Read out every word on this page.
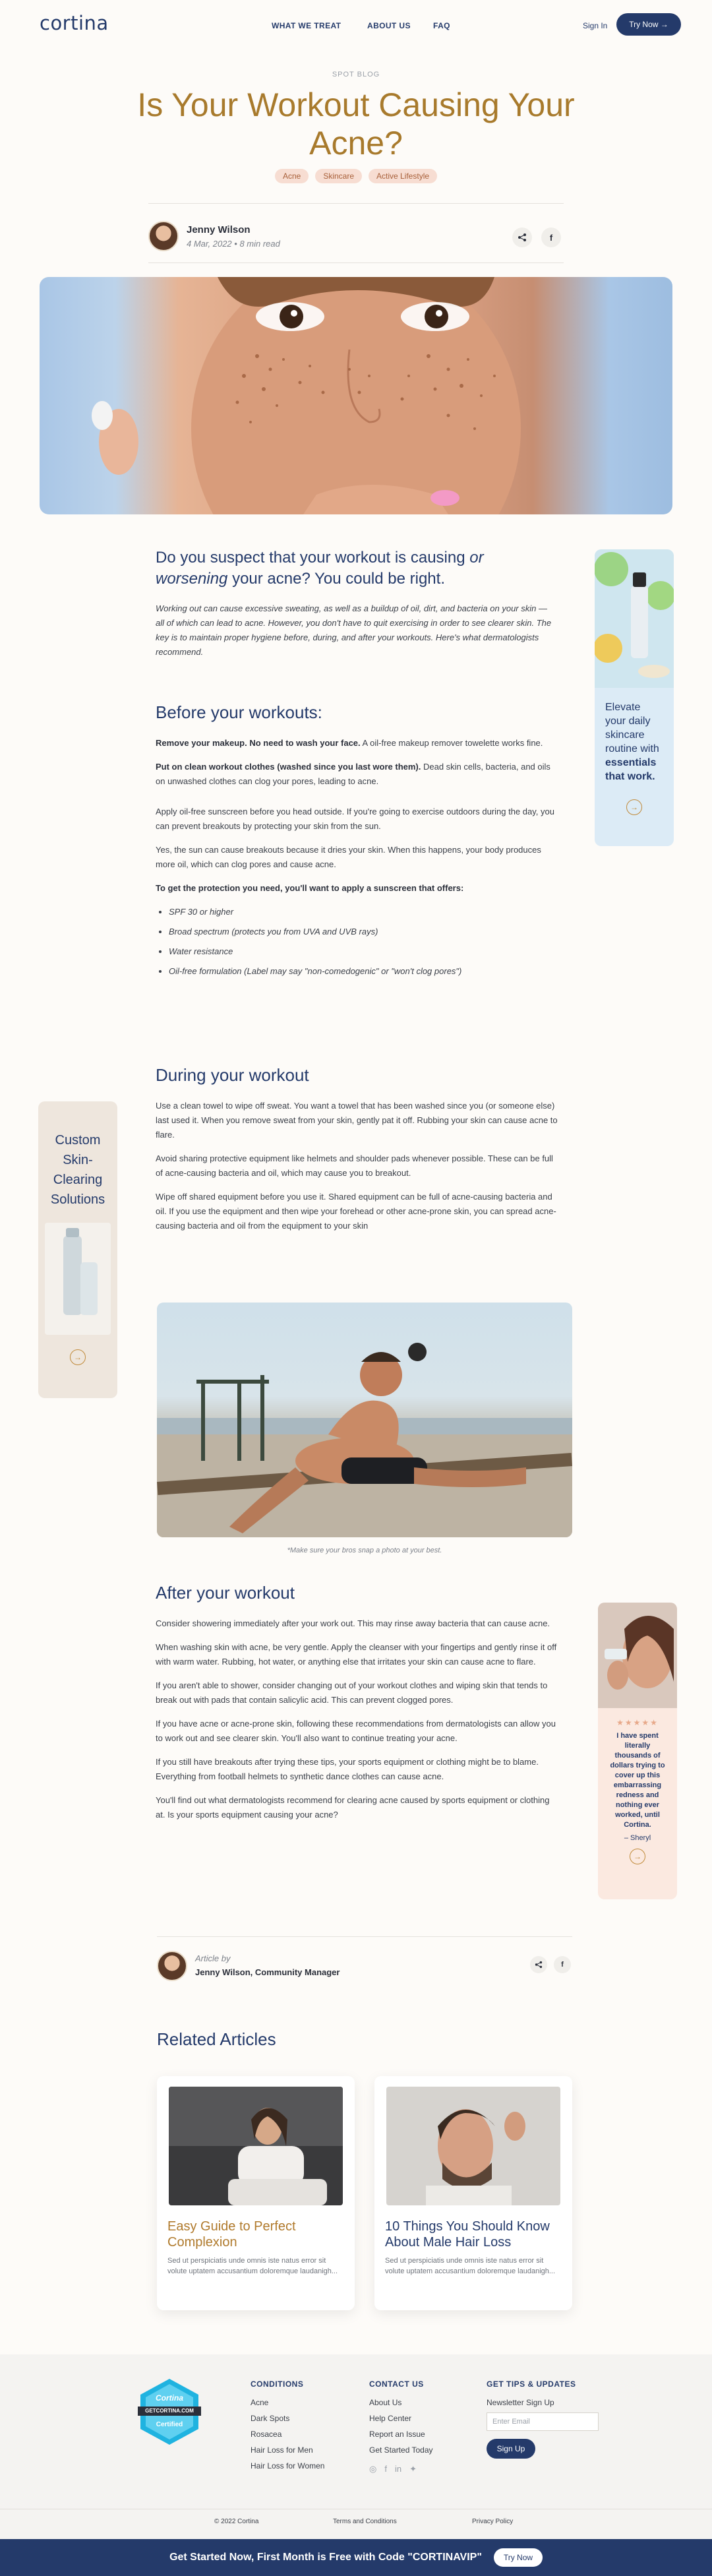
cortina	WHAT WE TREAT	ABOUT US	FAQ	Sign In	Try Now →
SPOT BLOG
Is Your Workout Causing Your Acne?
Acne	Skincare	Active Lifestyle
Jenny Wilson
4 Mar, 2022 • 8 min read
f
Do you suspect that your workout is causing or worsening your acne? You could be right.

Working out can cause excessive sweating, as well as a buildup of oil, dirt, and bacteria on your skin — all of which can lead to acne. However, you don't have to quit exercising in order to see clearer skin. The key is to maintain proper hygiene before, during, and after your workouts. Here's what dermatologists recommend.

Before your workouts:

Remove your makeup. No need to wash your face. A oil-free makeup remover towelette works fine.

Put on clean workout clothes (washed since you last wore them). Dead skin cells, bacteria, and oils on unwashed clothes can clog your pores, leading to acne.

Apply oil-free sunscreen before you head outside. If you're going to exercise outdoors during the day, you can prevent breakouts by protecting your skin from the sun.

Yes, the sun can cause breakouts because it dries your skin. When this happens, your body produces more oil, which can clog pores and cause acne.

To get the protection you need, you'll want to apply a sunscreen that offers:

• SPF 30 or higher
• Broad spectrum (protects you from UVA and UVB rays)
• Water resistance
• Oil-free formulation (Label may say "non-comedogenic" or "won't clog pores")
During your workout

Use a clean towel to wipe off sweat. You want a towel that has been washed since you (or someone else) last used it. When you remove sweat from your skin, gently pat it off. Rubbing your skin can cause acne to flare.

Avoid sharing protective equipment like helmets and shoulder pads whenever possible. These can be full of acne-causing bacteria and oil, which may cause you to breakout.

Wipe off shared equipment before you use it. Shared equipment can be full of acne-causing bacteria and oil. If you use the equipment and then wipe your forehead or other acne-prone skin, you can spread acne-causing bacteria and oil from the equipment to your skin

*Make sure your bros snap a photo at your best.
After your workout

Consider showering immediately after your work out. This may rinse away bacteria that can cause acne.

When washing skin with acne, be very gentle. Apply the cleanser with your fingertips and gently rinse it off with warm water. Rubbing, hot water, or anything else that irritates your skin can cause acne to flare.

If you aren't able to shower, consider changing out of your workout clothes and wiping skin that tends to break out with pads that contain salicylic acid. This can prevent clogged pores.

If you have acne or acne-prone skin, following these recommendations from dermatologists can allow you to work out and see clearer skin. You'll also want to continue treating your acne.

If you still have breakouts after trying these tips, your sports equipment or clothing might be to blame. Everything from football helmets to synthetic dance clothes can cause acne.

You'll find out what dermatologists recommend for clearing acne caused by sports equipment or clothing at. Is your sports equipment causing your acne?

Article by
Jenny Wilson, Community Manager
f
Elevate your daily skincare routine with essentials that work.
→
Custom Skin-Clearing Solutions
→
★★★★★
I have spent literally thousands of dollars trying to cover up this embarrassing redness and nothing ever worked, until Cortina.
– Sheryl
→
Related Articles
Easy Guide to Perfect Complexion
Sed ut perspiciatis unde omnis iste natus error sit volute uptatem accusantium doloremque laudanigh...
10 Things You Should Know About Male Hair Loss
Sed ut perspiciatis unde omnis iste natus error sit volute uptatem accusantium doloremque laudanigh...
Cortina
GETCORTINA.COM
Certified
CONDITIONS
Acne
Dark Spots
Rosacea
Hair Loss for Men
Hair Loss for Women
CONTACT US
About Us
Help Center
Report an Issue
Get Started Today
◎ f in ✦
GET TIPS & UPDATES
Newsletter Sign Up
Enter Email
Sign Up
© 2022 Cortina	Terms and Conditions	Privacy Policy
Get Started Now, First Month is Free with Code "CORTINAVIP"	Try Now
